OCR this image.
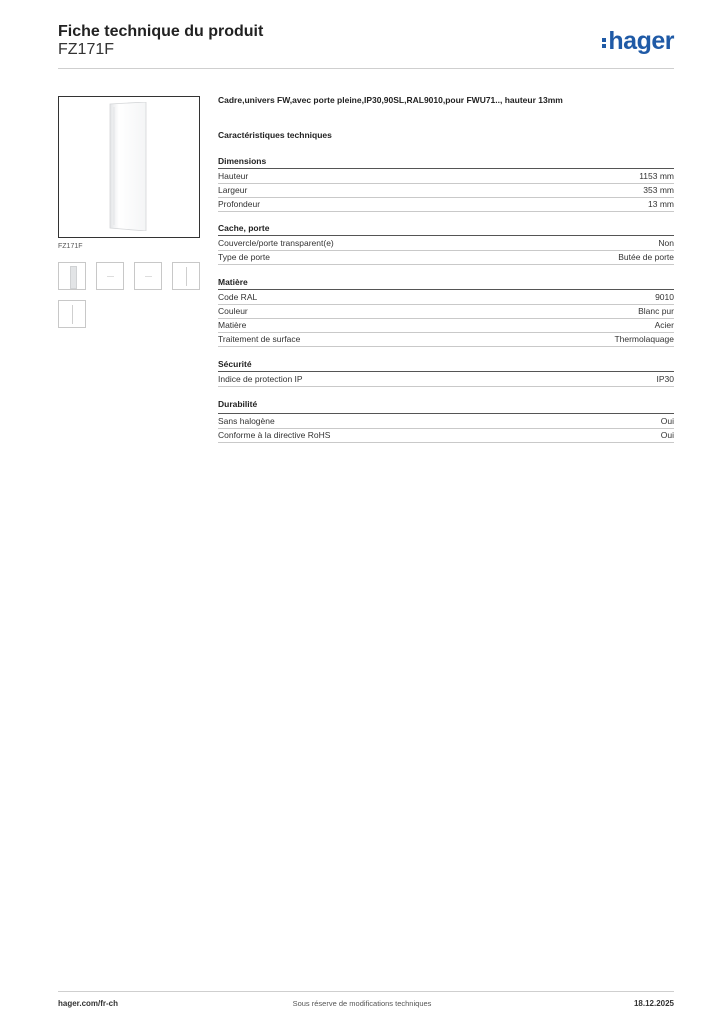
Fiche technique du produit
FZ171F	hager
FZ171F
Cadre,univers FW,avec porte pleine,IP30,90SL,RAL9010,pour FWU71.., hauteur 13mm
Caractéristiques techniques
Dimensions
Hauteur	1153 mm
Largeur	353 mm
Profondeur	13 mm
Cache, porte
Couvercle/porte transparent(e)	Non
Type de porte	Butée de porte
Matière
Code RAL	9010
Couleur	Blanc pur
Matière	Acier
Traitement de surface	Thermolaquage
Sécurité
Indice de protection IP	IP30
Durabilité
Sans halogène	Oui
Conforme à la directive RoHS	Oui
hager.com/fr-ch	Sous réserve de modifications techniques	18.12.2025
